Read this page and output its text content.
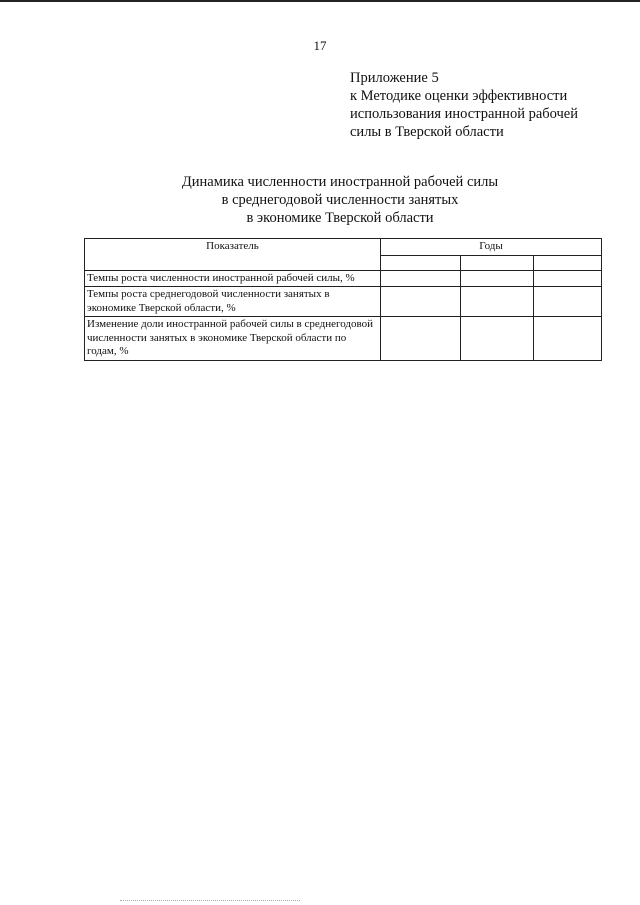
17
Приложение 5
к Методике оценки эффективности
использования иностранной рабочей
силы в Тверской области
Динамика численности иностранной рабочей силы
в среднегодовой численности занятых
в экономике Тверской области
Показатель	Годы		

Темпы роста численности иностранной рабочей силы, %			
Темпы роста среднегодовой численности занятых в экономике Тверской области, %			
Изменение доли иностранной рабочей силы в среднегодовой численности занятых в экономике Тверской области по годам, %			
